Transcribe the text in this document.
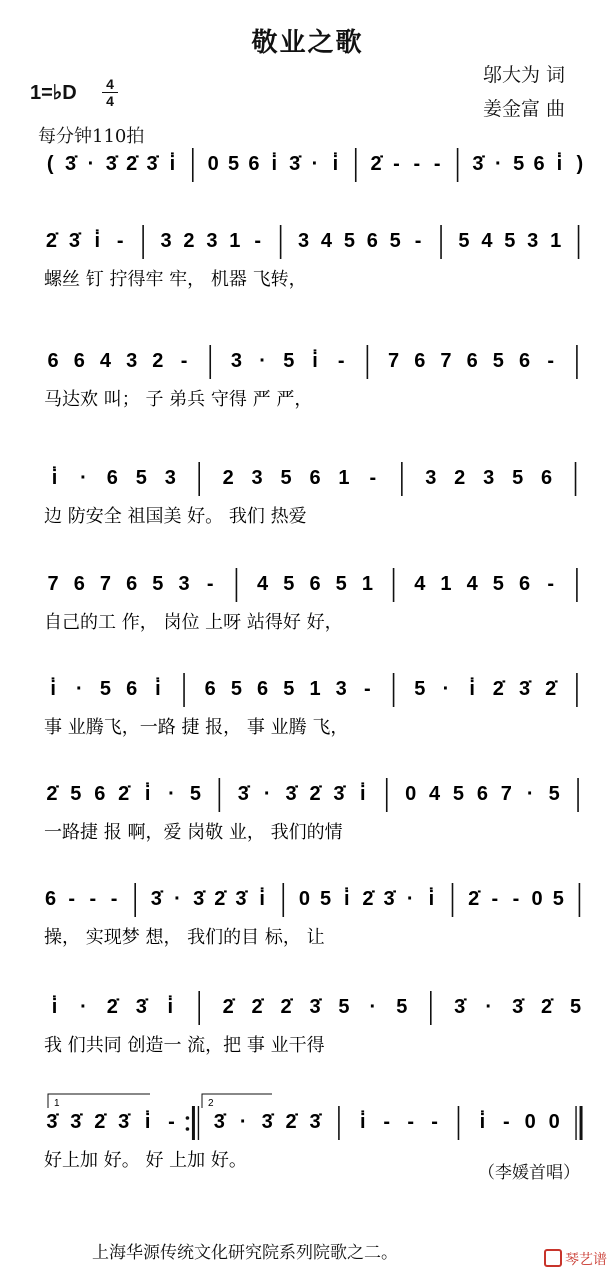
敬业之歌
邬大为 词
姜金富 曲
1=♭D	4
4
每分钟110拍
( 3̇ · 3̇ 2̇ 3̇ i̇ 0 5 6 i̇ 3̇ · i̇ 2̇ - - - 3̇ · 5 6 i̇ )
2̇ 3̇ i̇ - 3 2 3 1 - 3 4 5 6 5 - 5 4 5 3 1
螺丝 钉 拧得牢 牢， 机器 飞转，
6 6 4 3 2 - 3 · 5 i̇ - 7 6 7 6 5 6 -
马达欢 叫； 子 弟兵 守得 严 严，
i̇ · 6 5 3 2 3 5 6 1 - 3 2 3 5 6
边 防安全 祖国美 好。 我们 热爱
7 6 7 6 5 3 - 4 5 6 5 1 4 1 4 5 6 -
自己的工 作， 岗位 上呀 站得好 好，
i̇ · 5 6 i̇ 6 5 6 5 1 3 - 5 · i̇ 2̇ 3̇ 2̇
事 业腾飞，一路 捷 报， 事 业腾 飞，
2̇ 5 6 2̇ i̇ · 5 3̇ · 3̇ 2̇ 3̇ i̇ 0 4 5 6 7 · 5
一路捷 报 啊，爱 岗敬 业， 我们的情
6 - - - 3̇ · 3̇ 2̇ 3̇ i̇ 0 5 i̇ 2̇ 3̇ · i̇ 2̇ - - 0 5
操， 实现梦 想， 我们的目 标， 让
i̇ · 2̇ 3̇ i̇ 2̇ 2̇ 2̇ 3̇ 5 · 5 3̇ · 3̇ 2̇ 5
我 们共同 创造一 流，把 事 业干得
3̇ 3̇ 2̇ 3̇ i̇ - 3̇ · 3̇ 2̇ 3̇ i̇ - - - i̇ - 0 0
好上加 好。 好 上加 好。
1	2
（李媛首唱）
上海华源传统文化研究院系列院歌之二。	琴艺谱
